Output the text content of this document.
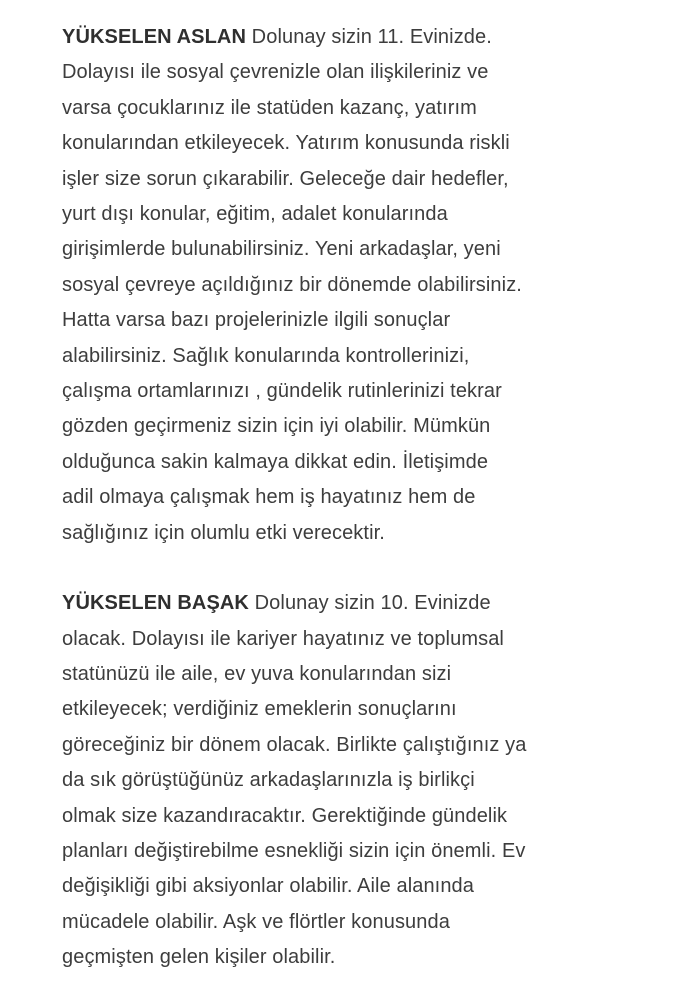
YÜKSELEN ASLAN Dolunay sizin 11. Evinizde.
Dolayısı ile sosyal çevrenizle olan ilişkileriniz ve
varsa çocuklarınız ile statüden kazanç, yatırım
konularından etkileyecek. Yatırım konusunda riskli
işler size sorun çıkarabilir. Geleceğe dair hedefler,
yurt dışı konular, eğitim, adalet konularında
girişimlerde bulunabilirsiniz. Yeni arkadaşlar, yeni
sosyal çevreye açıldığınız bir dönemde olabilirsiniz.
Hatta varsa bazı projelerinizle ilgili sonuçlar
alabilirsiniz. Sağlık konularında kontrollerinizi,
çalışma ortamlarınızı , gündelik rutinlerinizi tekrar
gözden geçirmeniz sizin için iyi olabilir. Mümkün
olduğunca sakin kalmaya dikkat edin. İletişimde
adil olmaya çalışmak hem iş hayatınız hem de
sağlığınız için olumlu etki verecektir.

YÜKSELEN BAŞAK Dolunay sizin 10. Evinizde
olacak. Dolayısı ile kariyer hayatınız ve toplumsal
statünüzü ile aile, ev yuva konularından sizi
etkileyecek; verdiğiniz emeklerin sonuçlarını
göreceğiniz bir dönem olacak. Birlikte çalıştığınız ya
da sık görüştüğünüz arkadaşlarınızla iş birlikçi
olmak size kazandıracaktır. Gerektiğinde gündelik
planları değiştirebilme esnekliği sizin için önemli. Ev
değişikliği gibi aksiyonlar olabilir. Aile alanında
mücadele olabilir. Aşk ve flörtler konusunda
geçmişten gelen kişiler olabilir.
